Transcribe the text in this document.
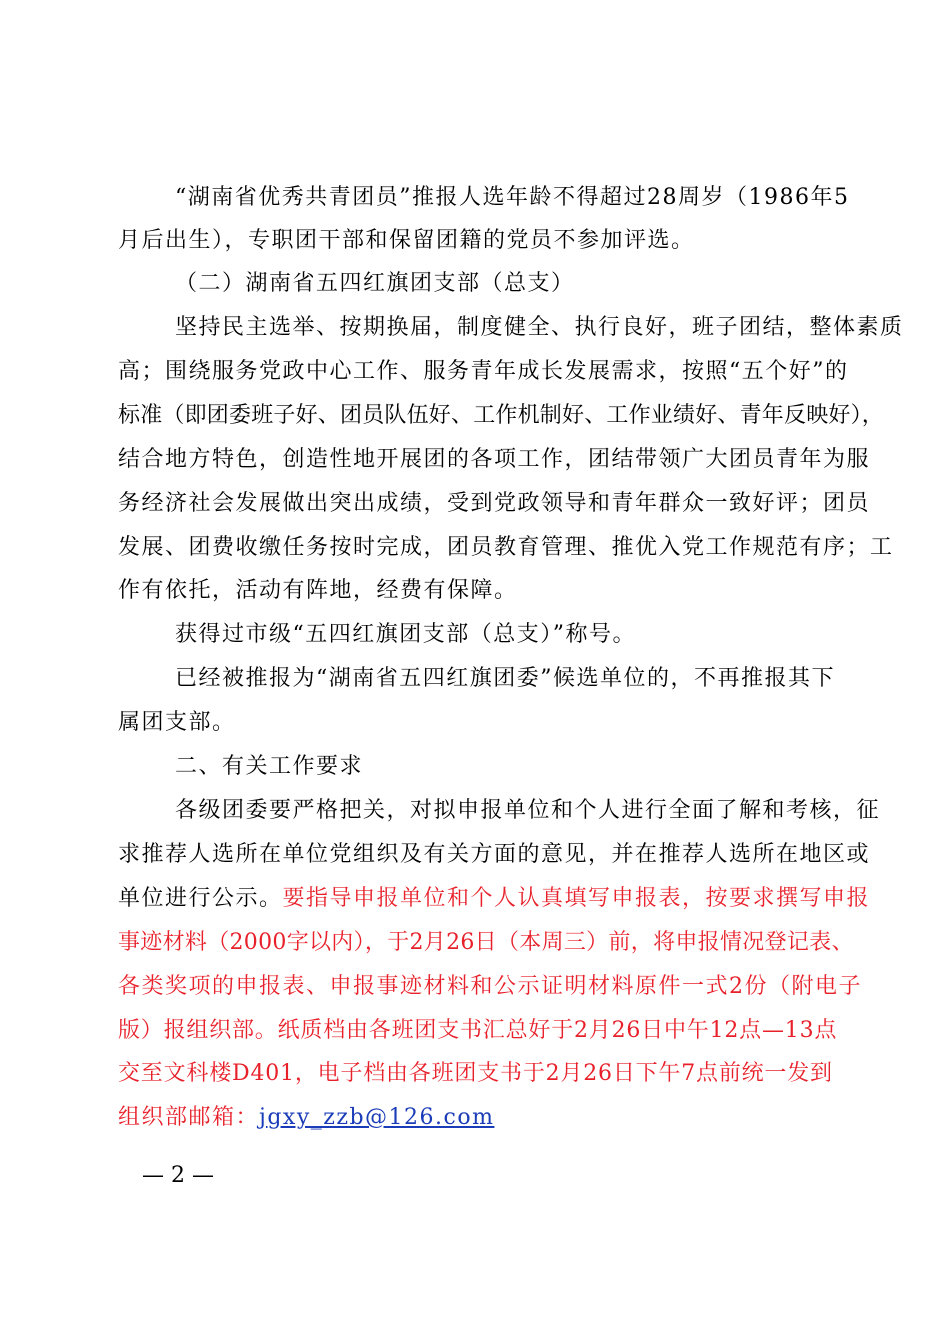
“湖南省优秀共青团员”推报人选年龄不得超过28周岁（1986年5
月后出生），专职团干部和保留团籍的党员不参加评选。
（二）湖南省五四红旗团支部（总支）
坚持民主选举、按期换届，制度健全、执行良好，班子团结，整体素质
高；围绕服务党政中心工作、服务青年成长发展需求，按照“五个好”的
标准（即团委班子好、团员队伍好、工作机制好、工作业绩好、青年反映好），
结合地方特色，创造性地开展团的各项工作，团结带领广大团员青年为服
务经济社会发展做出突出成绩，受到党政领导和青年群众一致好评；团员
发展、团费收缴任务按时完成，团员教育管理、推优入党工作规范有序；工
作有依托，活动有阵地，经费有保障。
获得过市级“五四红旗团支部（总支）”称号。
已经被推报为“湖南省五四红旗团委”候选单位的，不再推报其下
属团支部。
二、有关工作要求
各级团委要严格把关，对拟申报单位和个人进行全面了解和考核，征
求推荐人选所在单位党组织及有关方面的意见，并在推荐人选所在地区或
单位进行公示。要指导申报单位和个人认真填写申报表，按要求撰写申报
事迹材料（2000字以内），于2月26日（本周三）前，将申报情况登记表、
各类奖项的申报表、申报事迹材料和公示证明材料原件一式2份（附电子
版）报组织部。纸质档由各班团支书汇总好于2月26日中午12点—13点
交至文科楼D401，电子档由各班团支书于2月26日下午7点前统一发到
组织部邮箱：jgxy_zzb@126.com
— 2 —
